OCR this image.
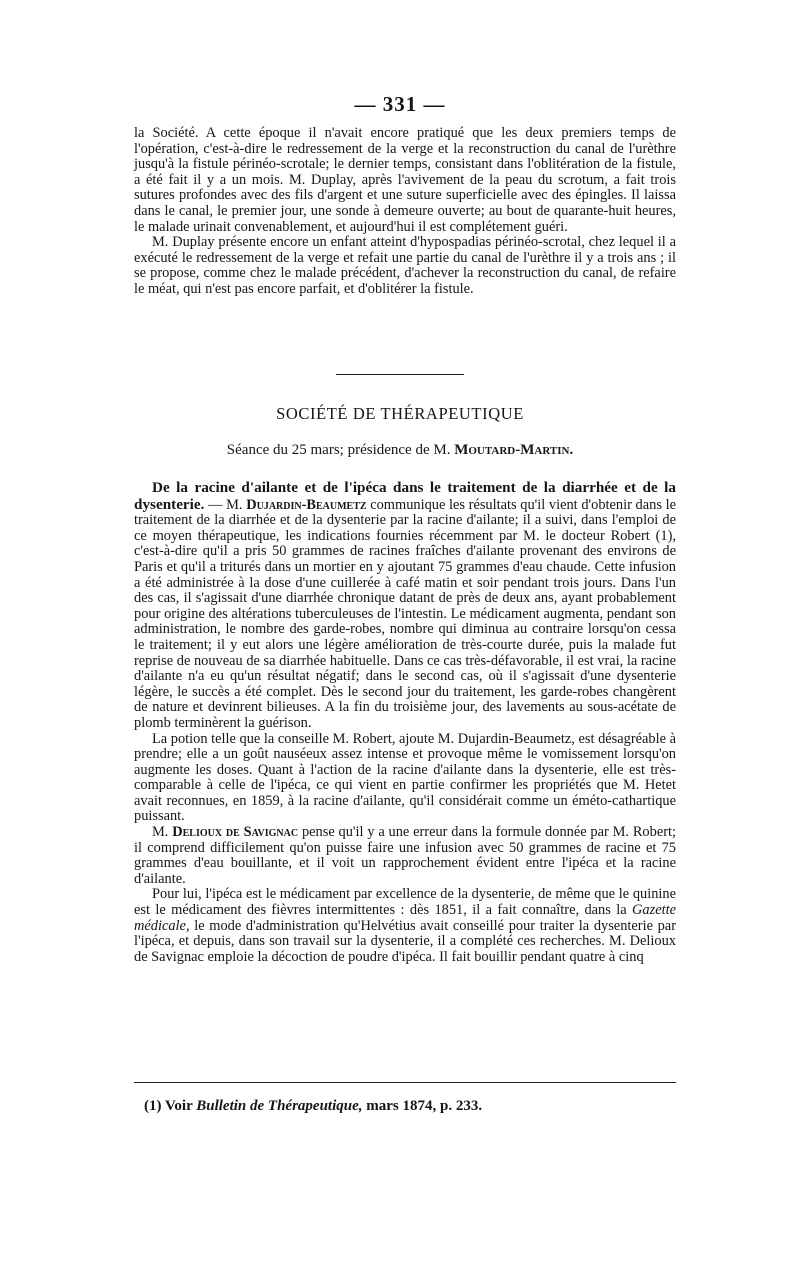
— 331 —

la Société. A cette époque il n'avait encore pratiqué que les deux premiers temps de l'opération, c'est-à-dire le redressement de la verge et la reconstruction du canal de l'urèthre jusqu'à la fistule périnéo-scrotale; le dernier temps, consistant dans l'oblitération de la fistule, a été fait il y a un mois. M. Duplay, après l'avivement de la peau du scrotum, a fait trois sutures profondes avec des fils d'argent et une suture superficielle avec des épingles. Il laissa dans le canal, le premier jour, une sonde à demeure ouverte; au bout de quarante-huit heures, le malade urinait convenablement, et aujourd'hui il est complétement guéri.

M. Duplay présente encore un enfant atteint d'hypospadias périnéo-scrotal, chez lequel il a exécuté le redressement de la verge et refait une partie du canal de l'urèthre il y a trois ans ; il se propose, comme chez le malade précédent, d'achever la reconstruction du canal, de refaire le méat, qui n'est pas encore parfait, et d'oblitérer la fistule.

SOCIÉTÉ DE THÉRAPEUTIQUE
Séance du 25 mars; présidence de M. Moutard-Martin.

De la racine d'ailante et de l'ipéca dans le traitement de la diarrhée et de la dysenterie. — M. Dujardin-Beaumetz communique les résultats qu'il vient d'obtenir dans le traitement de la diarrhée et de la dysenterie par la racine d'ailante; il a suivi, dans l'emploi de ce moyen thérapeutique, les indications fournies récemment par M. le docteur Robert (1), c'est-à-dire qu'il a pris 50 grammes de racines fraîches d'ailante provenant des environs de Paris et qu'il a triturés dans un mortier en y ajoutant 75 grammes d'eau chaude. Cette infusion a été administrée à la dose d'une cuillerée à café matin et soir pendant trois jours. Dans l'un des cas, il s'agissait d'une diarrhée chronique datant de près de deux ans, ayant probablement pour origine des altérations tuberculeuses de l'intestin. Le médicament augmenta, pendant son administration, le nombre des garde-robes, nombre qui diminua au contraire lorsqu'on cessa le traitement; il y eut alors une légère amélioration de très-courte durée, puis la malade fut reprise de nouveau de sa diarrhée habituelle. Dans ce cas très-défavorable, il est vrai, la racine d'ailante n'a eu qu'un résultat négatif; dans le second cas, où il s'agissait d'une dysenterie légère, le succès a été complet. Dès le second jour du traitement, les garde-robes changèrent de nature et devinrent bilieuses. A la fin du troisième jour, des lavements au sous-acétate de plomb terminèrent la guérison.

La potion telle que la conseille M. Robert, ajoute M. Dujardin-Beaumetz, est désagréable à prendre; elle a un goût nauséeux assez intense et provoque même le vomissement lorsqu'on augmente les doses. Quant à l'action de la racine d'ailante dans la dysenterie, elle est très-comparable à celle de l'ipéca, ce qui vient en partie confirmer les propriétés que M. Hetet avait reconnues, en 1859, à la racine d'ailante, qu'il considérait comme un éméto-cathartique puissant.

M. Delioux de Savignac pense qu'il y a une erreur dans la formule donnée par M. Robert; il comprend difficilement qu'on puisse faire une infusion avec 50 grammes de racine et 75 grammes d'eau bouillante, et il voit un rapprochement évident entre l'ipéca et la racine d'ailante.

Pour lui, l'ipéca est le médicament par excellence de la dysenterie, de même que le quinine est le médicament des fièvres intermittentes : dès 1851, il a fait connaître, dans la Gazette médicale, le mode d'administration qu'Helvétius avait conseillé pour traiter la dysenterie par l'ipéca, et depuis, dans son travail sur la dysenterie, il a complété ces recherches. M. Delioux de Savignac emploie la décoction de poudre d'ipéca. Il fait bouillir pendant quatre à cinq

(1) Voir Bulletin de Thérapeutique, mars 1874, p. 233.
